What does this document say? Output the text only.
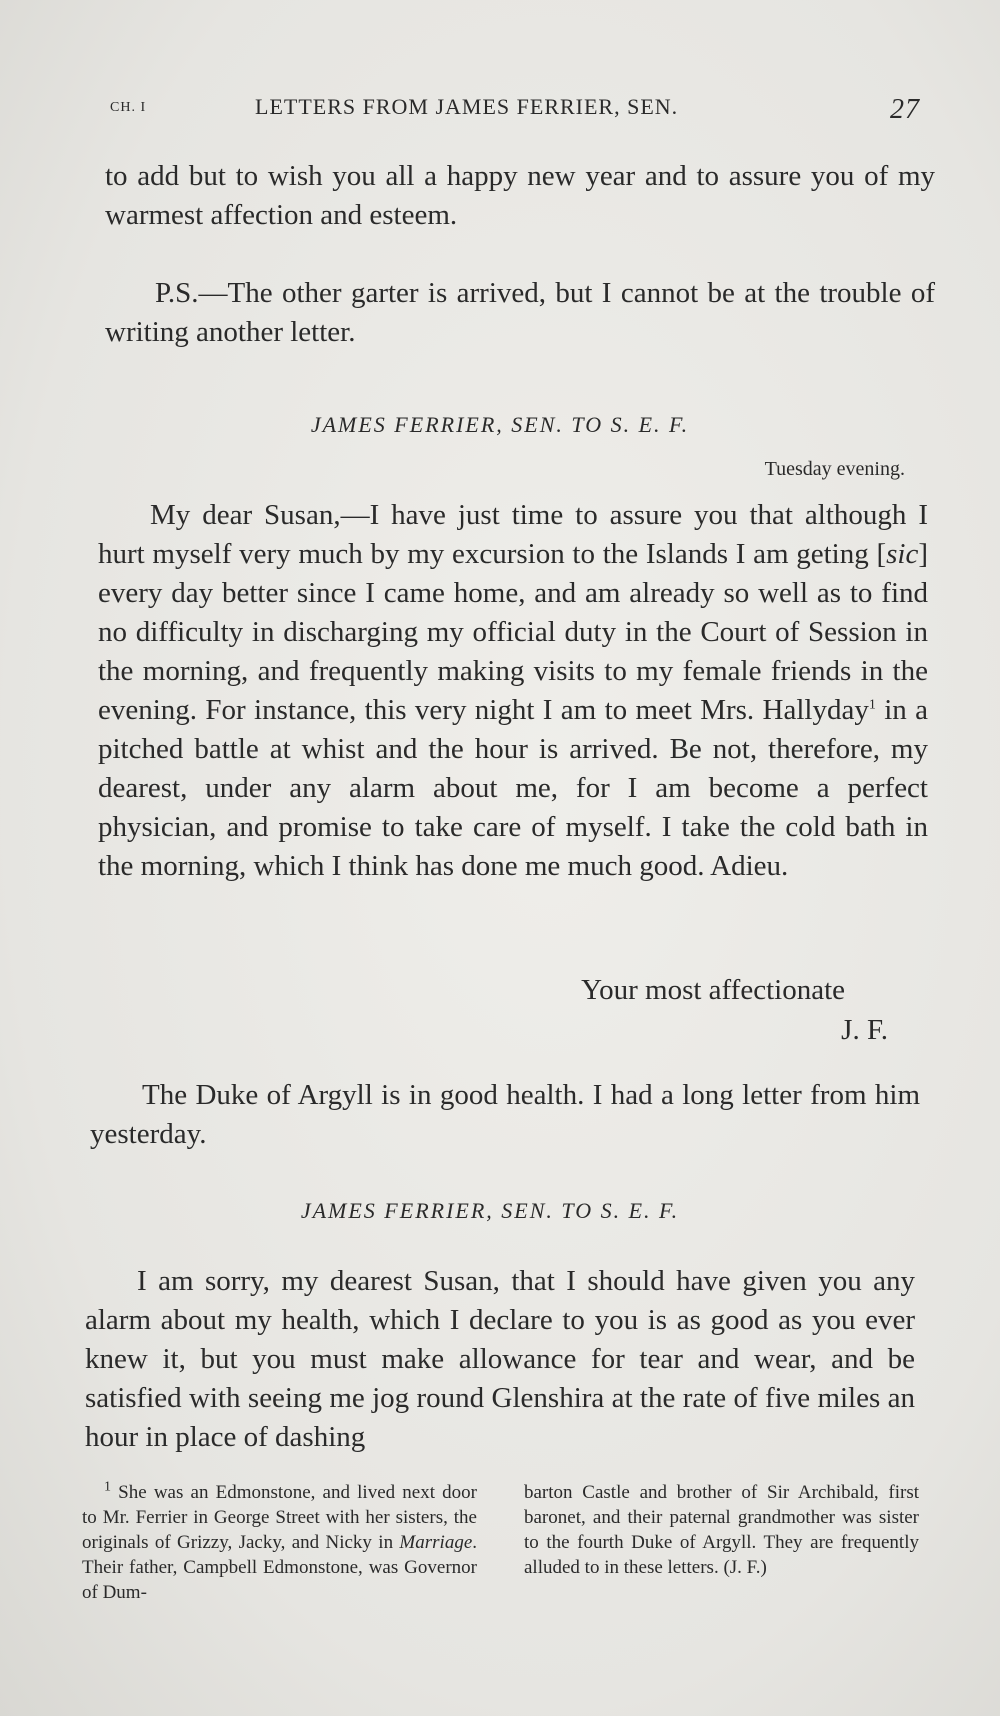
CH. I	LETTERS FROM JAMES FERRIER, SEN.	27
to add but to wish you all a happy new year and to assure you of my warmest affection and esteem.
P.S.—The other garter is arrived, but I cannot be at the trouble of writing another letter.
JAMES FERRIER, SEN. TO S. E. F.
Tuesday evening.
My dear Susan,—I have just time to assure you that although I hurt myself very much by my excursion to the Islands I am geting [sic] every day better since I came home, and am already so well as to find no difficulty in discharging my official duty in the Court of Session in the morning, and frequently making visits to my female friends in the evening. For instance, this very night I am to meet Mrs. Hallyday$^1$ in a pitched battle at whist and the hour is arrived. Be not, therefore, my dearest, under any alarm about me, for I am become a perfect physician, and promise to take care of myself. I take the cold bath in the morning, which I think has done me much good. Adieu.
Your most affectionate
J. F.
The Duke of Argyll is in good health. I had a long letter from him yesterday.
JAMES FERRIER, SEN. TO S. E. F.
I am sorry, my dearest Susan, that I should have given you any alarm about my health, which I declare to you is as good as you ever knew it, but you must make allowance for tear and wear, and be satisfied with seeing me jog round Glenshira at the rate of five miles an hour in place of dashing
$^1$ She was an Edmonstone, and lived next door to Mr. Ferrier in George Street with her sisters, the originals of Grizzy, Jacky, and Nicky in Marriage. Their father, Campbell Edmonstone, was Governor of Dum-
barton Castle and brother of Sir Archibald, first baronet, and their paternal grandmother was sister to the fourth Duke of Argyll. They are frequently alluded to in these letters. (J. F.)
